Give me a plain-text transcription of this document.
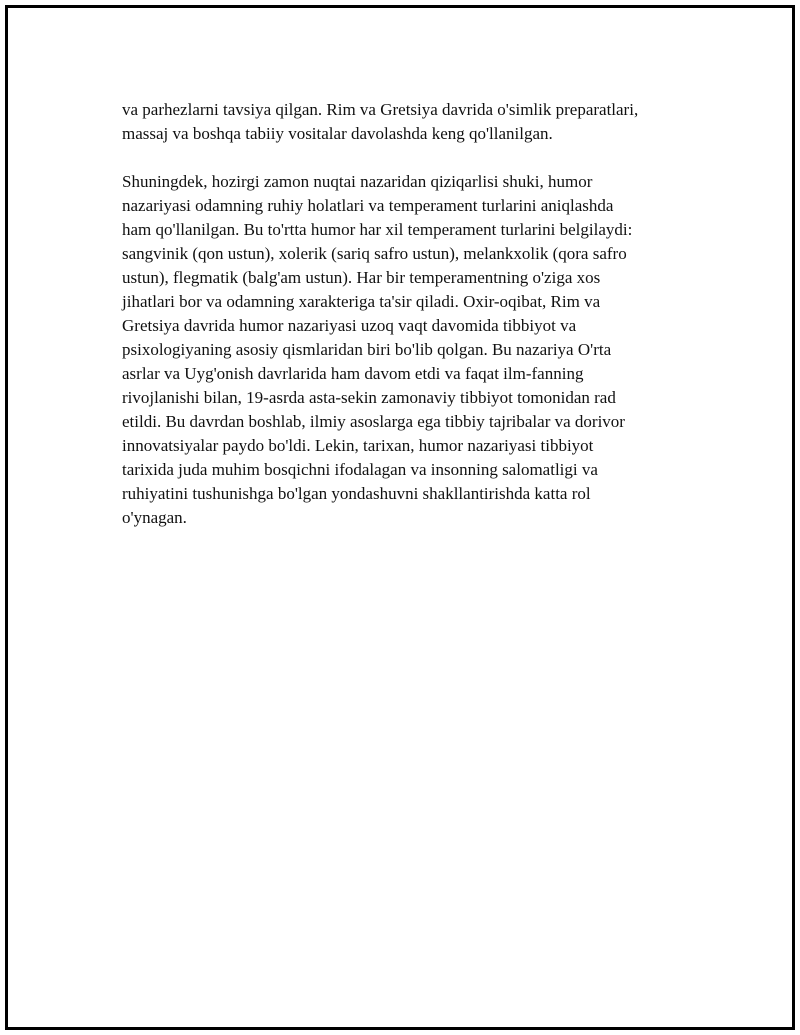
va parhezlarni tavsiya qilgan. Rim va Gretsiya davrida o'simlik preparatlari,
massaj va boshqa tabiiy vositalar davolashda keng qo'llanilgan.

Shuningdek, hozirgi zamon nuqtai nazaridan qiziqarlisi shuki, humor
nazariyasi odamning ruhiy holatlari va temperament turlarini aniqlashda
ham qo'llanilgan. Bu to'rtta humor har xil temperament turlarini belgilaydi:
sangvinik (qon ustun), xolerik (sariq safro ustun), melankxolik (qora safro
ustun), flegmatik (balg'am ustun). Har bir temperamentning o'ziga xos
jihatlari bor va odamning xarakteriga ta'sir qiladi. Oxir-oqibat, Rim va
Gretsiya davrida humor nazariyasi uzoq vaqt davomida tibbiyot va
psixologiyaning asosiy qismlaridan biri bo'lib qolgan. Bu nazariya O'rta
asrlar va Uyg'onish davrlarida ham davom etdi va faqat ilm-fanning
rivojlanishi bilan, 19-asrda asta-sekin zamonaviy tibbiyot tomonidan rad
etildi. Bu davrdan boshlab, ilmiy asoslarga ega tibbiy tajribalar va dorivor
innovatsiyalar paydo bo'ldi. Lekin, tarixan, humor nazariyasi tibbiyot
tarixida juda muhim bosqichni ifodalagan va insonning salomatligi va
ruhiyatini tushunishga bo'lgan yondashuvni shakllantirishda katta rol
o'ynagan.
